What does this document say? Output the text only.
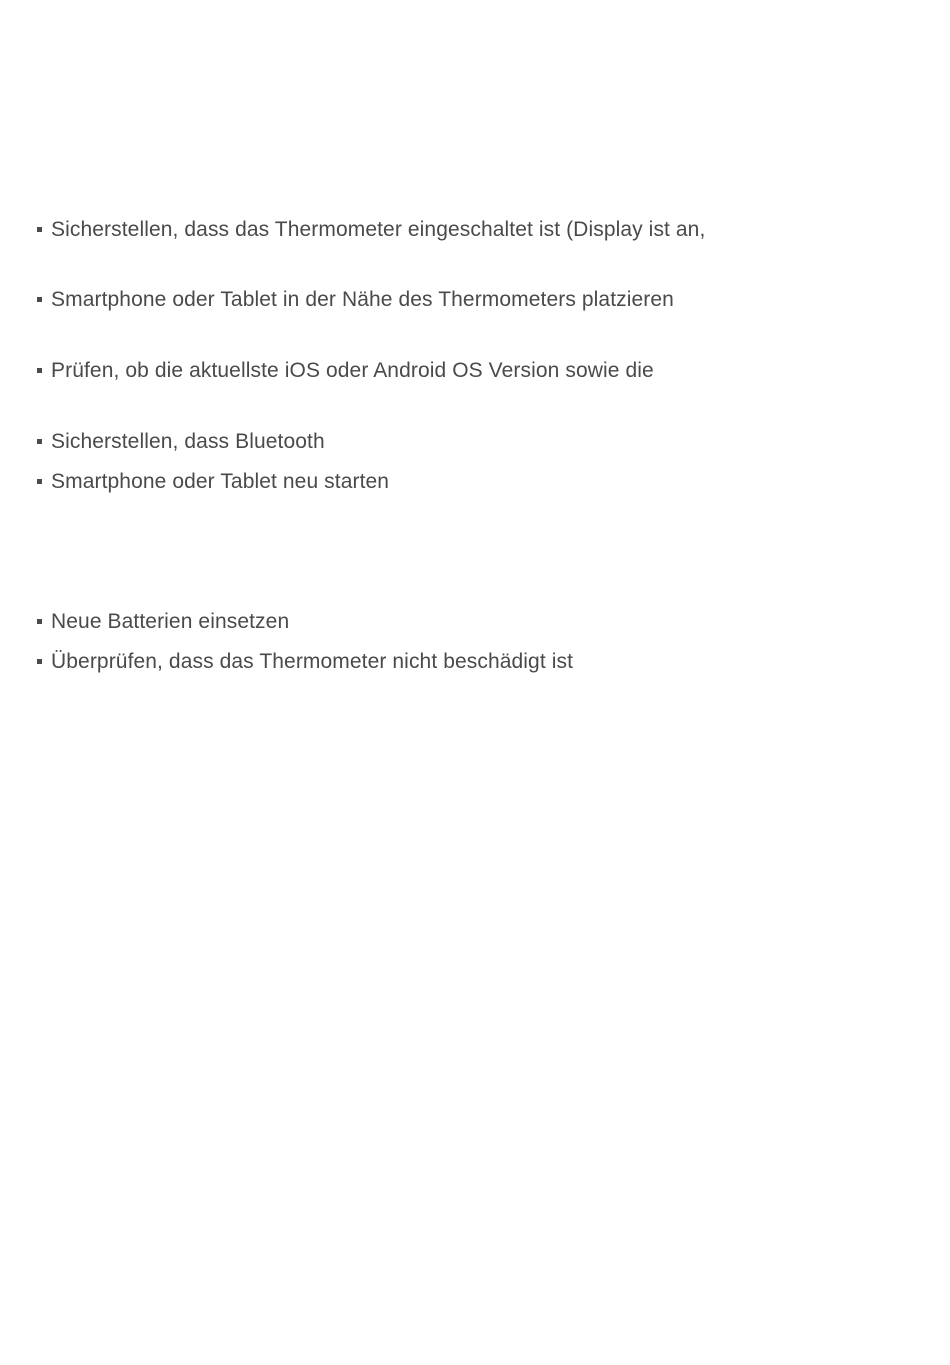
Sicherstellen, dass das Thermometer eingeschaltet ist (Display ist an,
Smartphone oder Tablet in der Nähe des Thermometers platzieren
Prüfen, ob die aktuellste iOS oder Android OS Version sowie die
Sicherstellen, dass Bluetooth
Smartphone oder Tablet neu starten
Neue Batterien einsetzen
Überprüfen, dass das Thermometer nicht beschädigt ist
